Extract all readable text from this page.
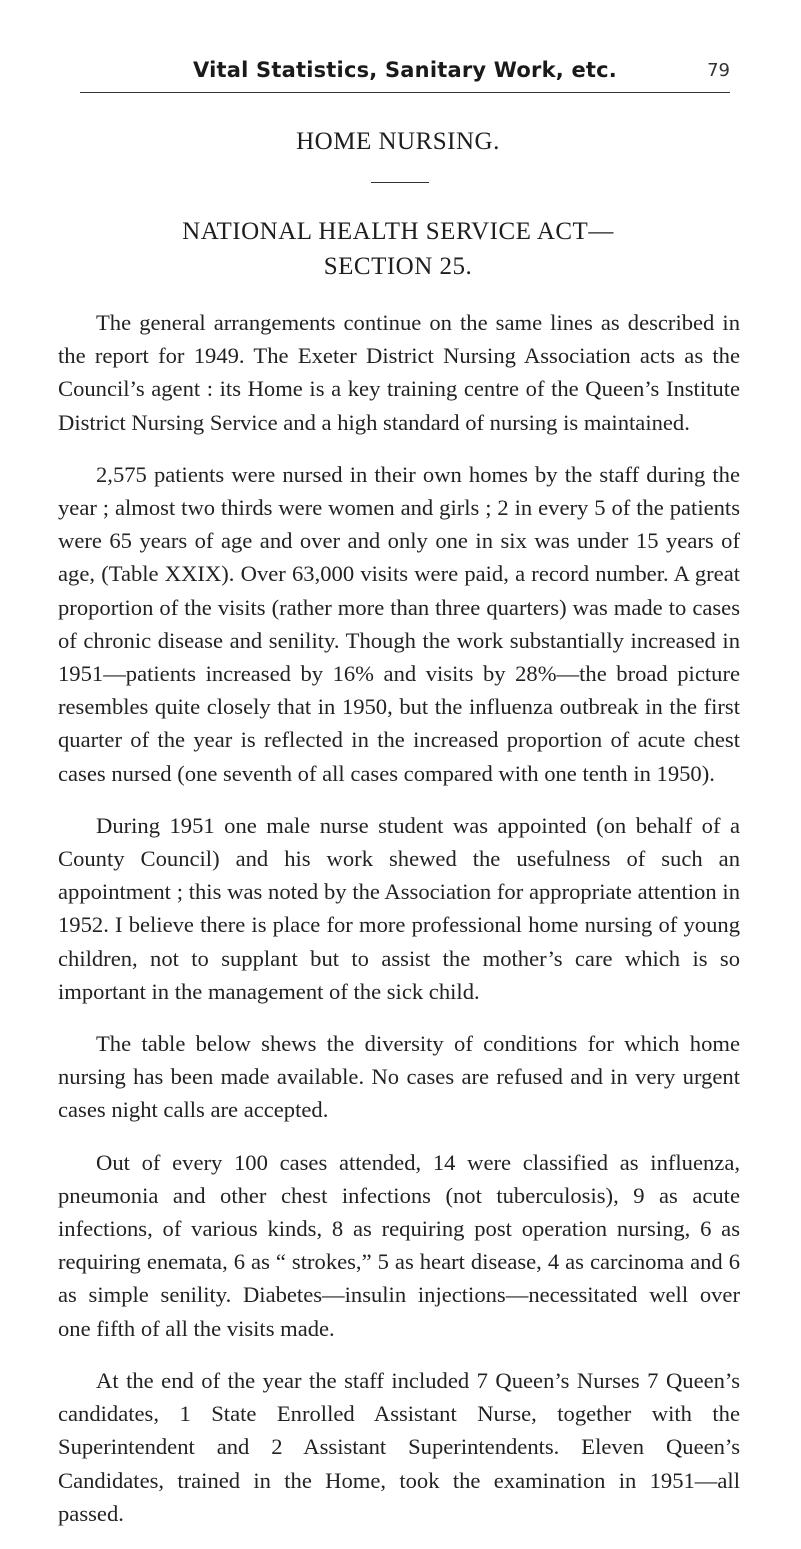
Vital Statistics, Sanitary Work, etc.	79
HOME NURSING.
NATIONAL HEALTH SERVICE ACT—
SECTION 25.

The general arrangements continue on the same lines as described in the report for 1949. The Exeter District Nursing Association acts as the Council’s agent : its Home is a key training centre of the Queen’s Institute District Nursing Service and a high standard of nursing is maintained.

2,575 patients were nursed in their own homes by the staff during the year ; almost two thirds were women and girls ; 2 in every 5 of the patients were 65 years of age and over and only one in six was under 15 years of age, (Table XXIX). Over 63,000 visits were paid, a record number. A great proportion of the visits (rather more than three quarters) was made to cases of chronic disease and senility. Though the work substantially increased in 1951—patients increased by 16% and visits by 28%—the broad picture resembles quite closely that in 1950, but the influenza outbreak in the first quarter of the year is reflected in the increased proportion of acute chest cases nursed (one seventh of all cases compared with one tenth in 1950).

During 1951 one male nurse student was appointed (on behalf of a County Council) and his work shewed the usefulness of such an appointment ; this was noted by the Association for appropriate attention in 1952. I believe there is place for more professional home nursing of young children, not to supplant but to assist the mother’s care which is so important in the management of the sick child.

The table below shews the diversity of conditions for which home nursing has been made available. No cases are refused and in very urgent cases night calls are accepted.

Out of every 100 cases attended, 14 were classified as influenza, pneumonia and other chest infections (not tuberculosis), 9 as acute infections, of various kinds, 8 as requiring post operation nursing, 6 as requiring enemata, 6 as “ strokes,” 5 as heart disease, 4 as carcinoma and 6 as simple senility. Diabetes—insulin injections—necessitated well over one fifth of all the visits made.

At the end of the year the staff included 7 Queen’s Nurses 7 Queen’s candidates, 1 State Enrolled Assistant Nurse, together with the Superintendent and 2 Assistant Superintendents. Eleven Queen’s Candidates, trained in the Home, took the examination in 1951—all passed.
